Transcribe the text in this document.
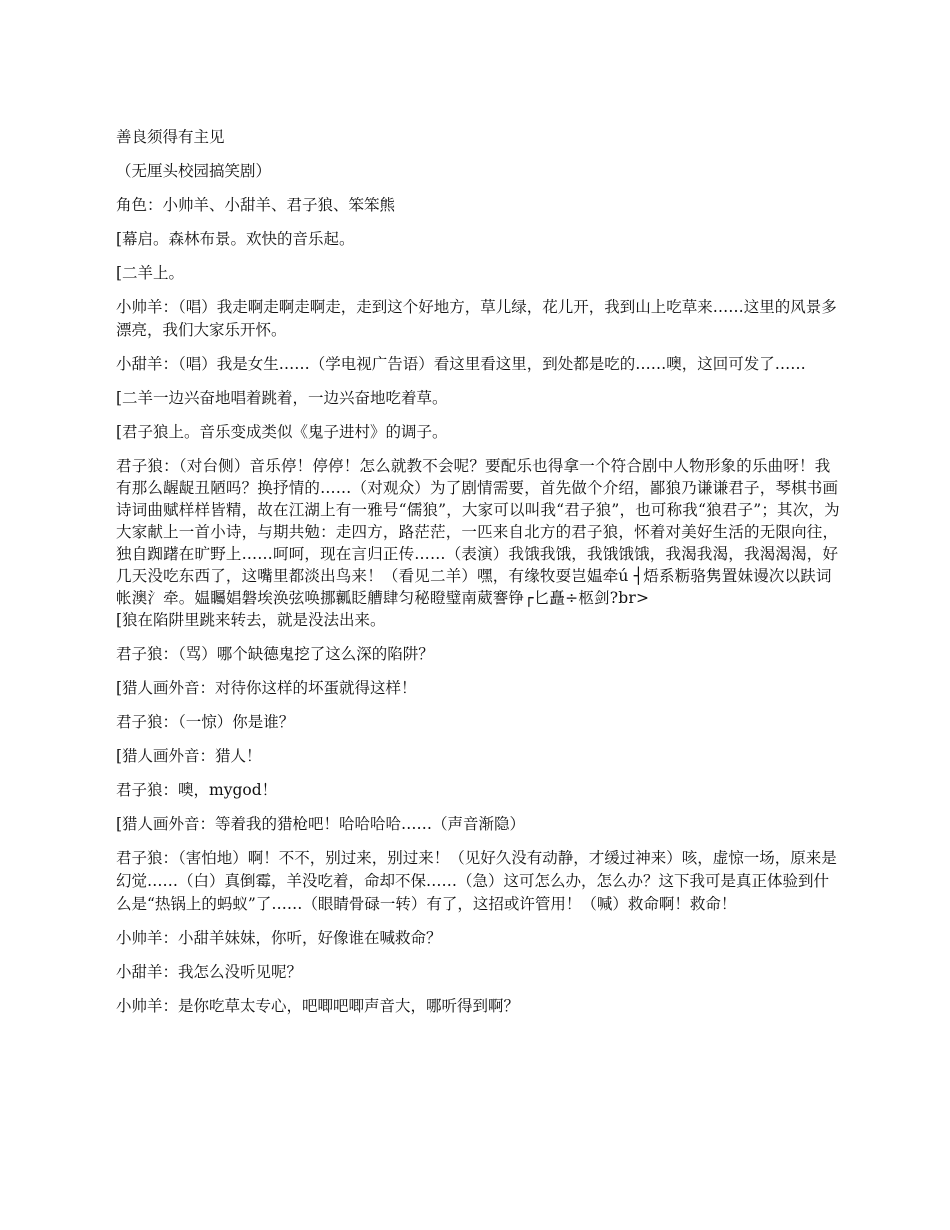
善良须得有主见

（无厘头校园搞笑剧）

角色：小帅羊、小甜羊、君子狼、笨笨熊

[幕启。森林布景。欢快的音乐起。

[二羊上。

小帅羊：（唱）我走啊走啊走啊走，走到这个好地方，草儿绿，花儿开，我到山上吃草来……这里的风景多漂亮，我们大家乐开怀。

小甜羊：（唱）我是女生……（学电视广告语）看这里看这里，到处都是吃的……噢，这回可发了……

[二羊一边兴奋地唱着跳着，一边兴奋地吃着草。

[君子狼上。音乐变成类似《鬼子进村》的调子。

君子狼：（对台侧）音乐停！停停！怎么就教不会呢？要配乐也得拿一个符合剧中人物形象的乐曲呀！我有那么龌龊丑陋吗？换抒情的……（对观众）为了剧情需要，首先做个介绍，鄙狼乃谦谦君子，琴棋书画诗词曲赋样样皆精，故在江湖上有一雅号“儒狼”，大家可以叫我“君子狼”，也可称我“狼君子”；其次，为大家献上一首小诗，与期共勉：走四方，路茫茫，一匹来自北方的君子狼，怀着对美好生活的无限向往，独自踟躇在旷野上……呵呵，现在言归正传……（表演）我饿我饿，我饿饿饿，我渴我渴，我渴渴渴，好几天没吃东西了，这嘴里都淡出鸟来！（看见二羊）嘿，有缘牧耍岂媪牵ú ┤焐系粝骆隽置妹谩次以趺词帐澳氵牵。媪矚娼磐埃涣弦唤挪瓤眨艚肆匀秘瞪璧南葳謇铮┌匕矗÷柩剑?br>

[狼在陷阱里跳来转去，就是没法出来。

君子狼：（骂）哪个缺德鬼挖了这么深的陷阱？

[猎人画外音：对待你这样的坏蛋就得这样！

君子狼：（一惊）你是谁？

[猎人画外音：猎人！

君子狼：噢，mygod！

[猎人画外音：等着我的猎枪吧！哈哈哈哈……（声音渐隐）

君子狼：（害怕地）啊！不不，别过来，别过来！（见好久没有动静，才缓过神来）咳，虚惊一场，原来是幻觉……（白）真倒霉，羊没吃着，命却不保……（急）这可怎么办，怎么办？这下我可是真正体验到什么是“热锅上的蚂蚁”了……（眼睛骨碌一转）有了，这招或许管用！（喊）救命啊！救命！

小帅羊：小甜羊妹妹，你听，好像谁在喊救命？

小甜羊：我怎么没听见呢？

小帅羊：是你吃草太专心，吧唧吧唧声音大，哪听得到啊？
